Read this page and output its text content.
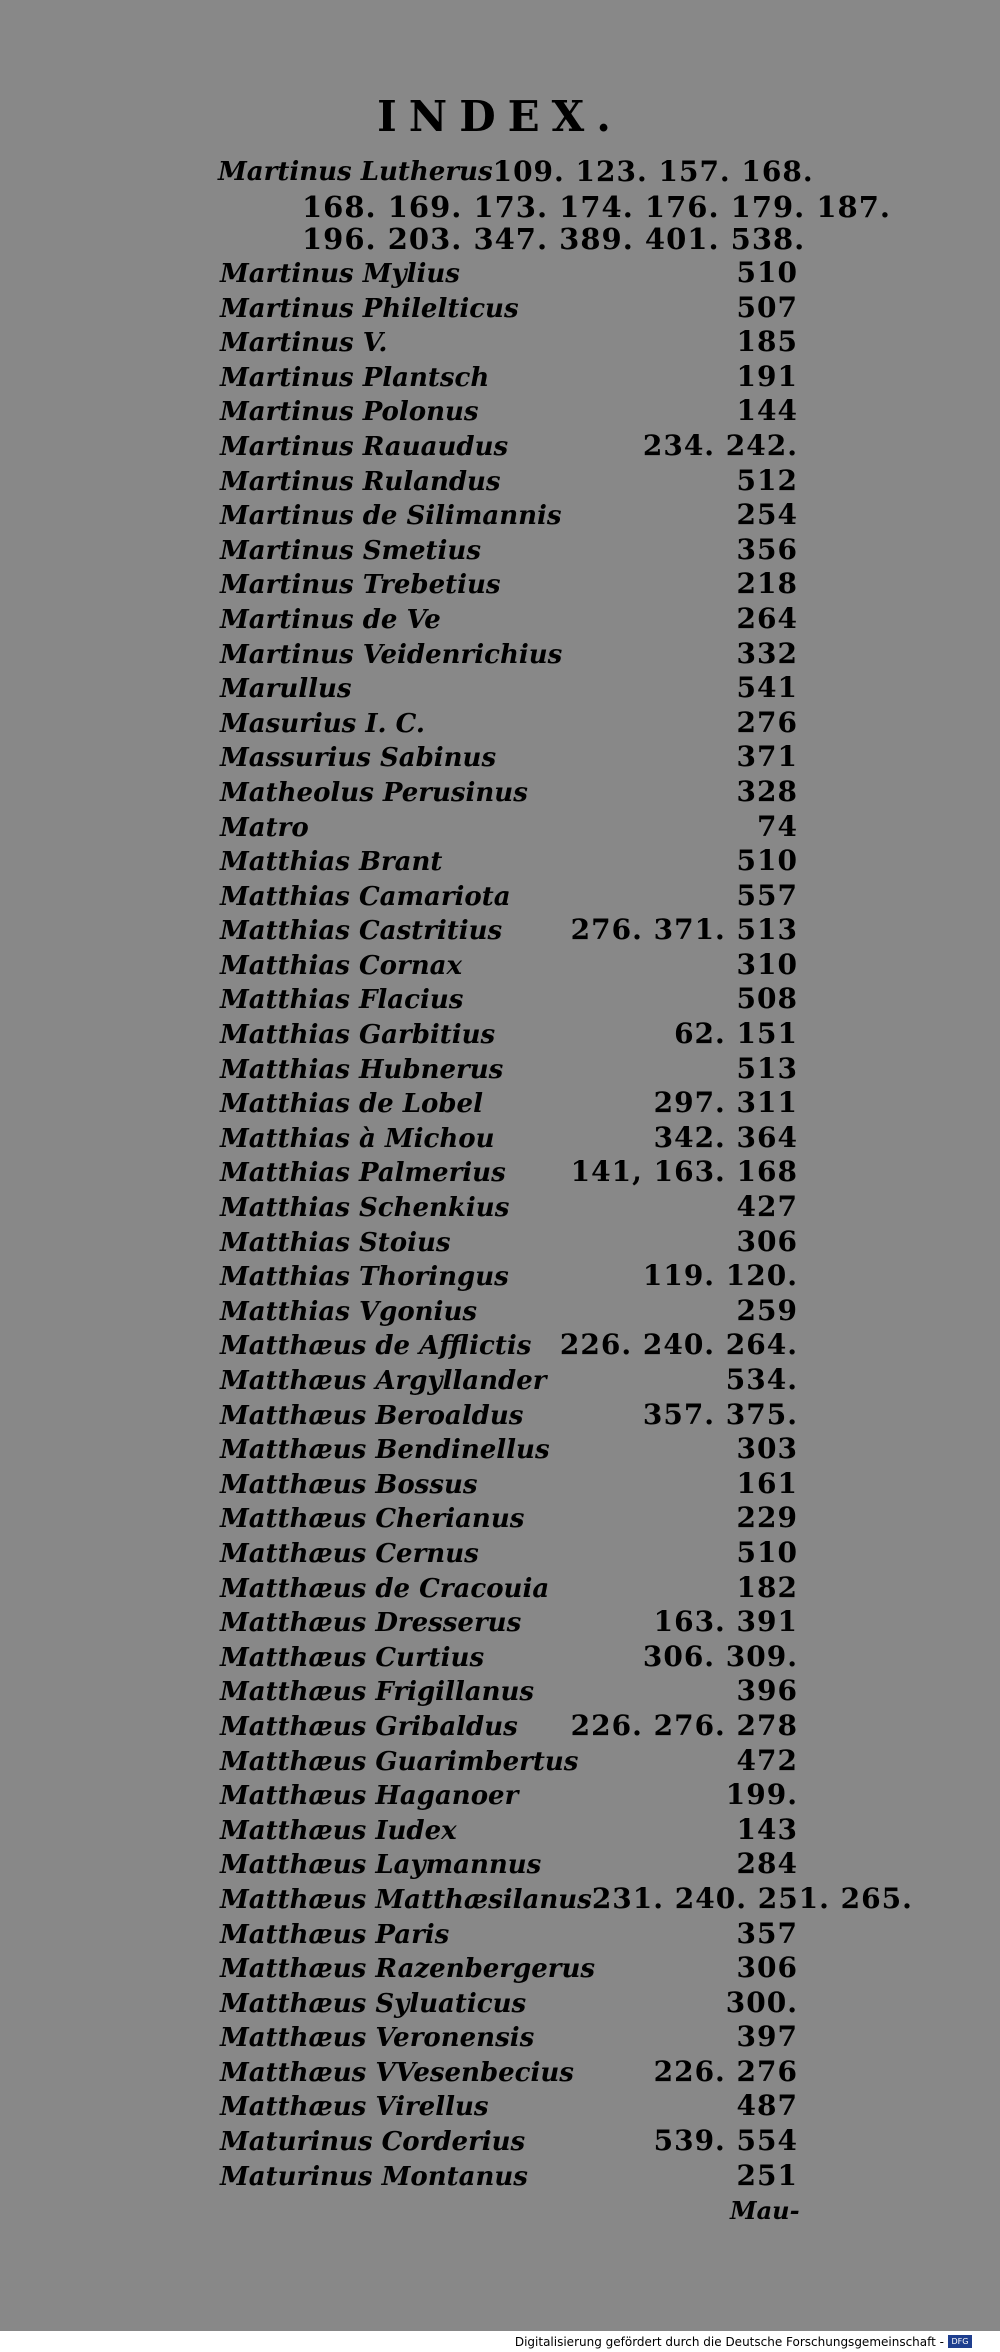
INDEX.
Martinus Lutherus 109. 123. 157. 168.
168. 169. 173. 174. 176. 179. 187.
196. 203. 347. 389. 401. 538.
Martinus Mylius	510
Martinus Philelticus	507
Martinus V.	185
Martinus Plantsch	191
Martinus Polonus	144
Martinus Rauaudus	234. 242.
Martinus Rulandus	512
Martinus de Silimannis	254
Martinus Smetius	356
Martinus Trebetius	218
Martinus de Ve	264
Martinus Veidenrichius	332
Marullus	541
Masurius I. C.	276
Massurius Sabinus	371
Matheolus Perusinus	328
Matro	74
Matthias Brant	510
Matthias Camariota	557
Matthias Castritius 276. 371. 513
Matthias Cornax	310
Matthias Flacius	508
Matthias Garbitius	62. 151
Matthias Hubnerus	513
Matthias de Lobel	297. 311
Matthias à Michou	342. 364
Matthias Palmerius 141, 163. 168
Matthias Schenkius	427
Matthias Stoius	306
Matthias Thoringus	119. 120.
Matthias Vgonius	259
Matthæus de Afflictis 226. 240. 264.
Matthæus Argyllander	534.
Matthæus Beroaldus	357. 375.
Matthæus Bendinellus	303
Matthæus Bossus	161
Matthæus Cherianus	229
Matthæus Cernus	510
Matthæus de Cracouia	182
Matthæus Dresserus	163. 391
Matthæus Curtius	306. 309.
Matthæus Frigillanus	396
Matthæus Gribaldus 226. 276. 278
Matthæus Guarimbertus	472
Matthæus Haganoer	199.
Matthæus Iudex	143
Matthæus Laymannus	284
Matthæus Matthæsilanus 231. 240. 251. 265.
Matthæus Paris	357
Matthæus Razenbergerus	306
Matthæus Syluaticus	300.
Matthæus Veronensis	397
Matthæus VVesenbecius	226. 276
Matthæus Virellus	487
Maturinus Corderius	539. 554
Maturinus Montanus	251
Mau-
Digitalisierung gefördert durch die Deutsche Forschungsgemeinschaft - DFG
